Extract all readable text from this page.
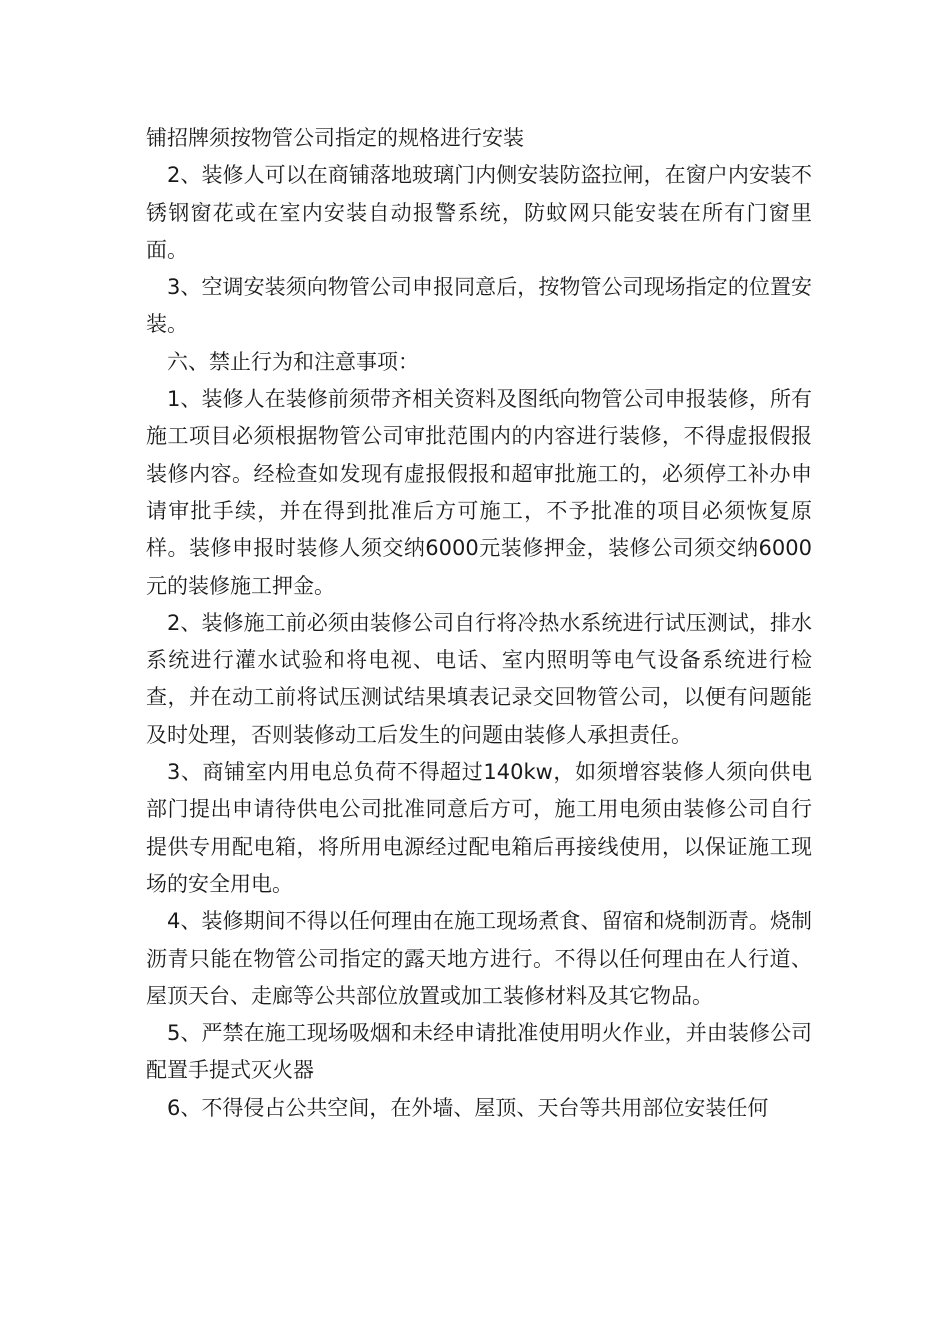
铺招牌须按物管公司指定的规格进行安装

2、装修人可以在商铺落地玻璃门内侧安装防盗拉闸，在窗户内安装不锈钢窗花或在室内安装自动报警系统，防蚊网只能安装在所有门窗里面。

3、空调安装须向物管公司申报同意后，按物管公司现场指定的位置安装。

六、禁止行为和注意事项：

1、装修人在装修前须带齐相关资料及图纸向物管公司申报装修，所有施工项目必须根据物管公司审批范围内的内容进行装修，不得虚报假报装修内容。经检查如发现有虚报假报和超审批施工的，必须停工补办申请审批手续，并在得到批准后方可施工，不予批准的项目必须恢复原样。装修申报时装修人须交纳6000元装修押金，装修公司须交纳6000元的装修施工押金。

2、装修施工前必须由装修公司自行将冷热水系统进行试压测试，排水系统进行灌水试验和将电视、电话、室内照明等电气设备系统进行检查，并在动工前将试压测试结果填表记录交回物管公司，以便有问题能及时处理，否则装修动工后发生的问题由装修人承担责任。

3、商铺室内用电总负荷不得超过140kw，如须增容装修人须向供电部门提出申请待供电公司批准同意后方可，施工用电须由装修公司自行提供专用配电箱，将所用电源经过配电箱后再接线使用，以保证施工现场的安全用电。

4、装修期间不得以任何理由在施工现场煮食、留宿和烧制沥青。烧制沥青只能在物管公司指定的露天地方进行。不得以任何理由在人行道、屋顶天台、走廊等公共部位放置或加工装修材料及其它物品。

5、严禁在施工现场吸烟和未经申请批准使用明火作业，并由装修公司配置手提式灭火器

6、不得侵占公共空间，在外墙、屋顶、天台等共用部位安装任何
